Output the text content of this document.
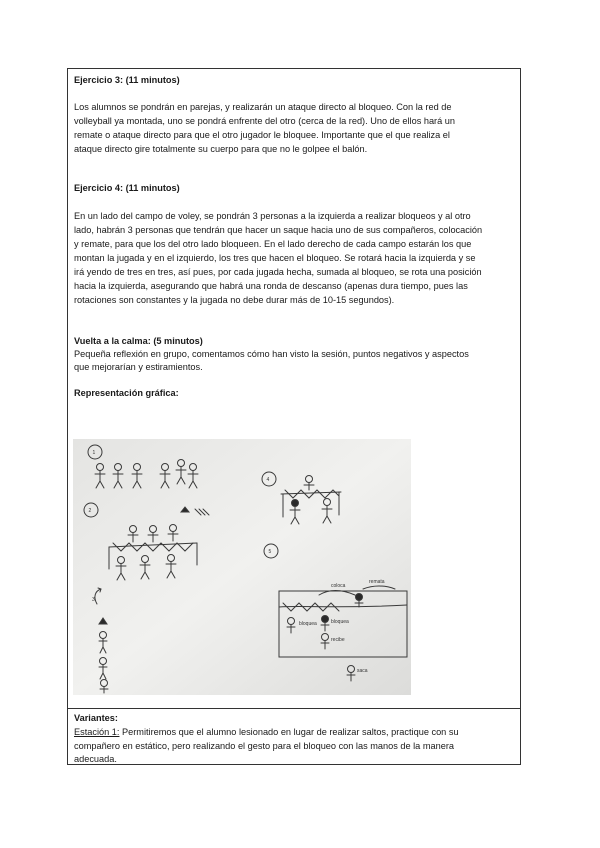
Ejercicio 3: (11 minutos)
Los alumnos se pondrán en parejas, y realizarán un ataque directo al bloqueo. Con la red de
volleyball ya montada, uno se pondrá enfrente del otro (cerca de la red). Uno de ellos hará un
remate o ataque directo para que el otro jugador le bloquee. Importante que el que realiza el
ataque directo gire totalmente su cuerpo para que no le golpee el balón.
Ejercicio 4: (11 minutos)
En un lado del campo de voley, se pondrán 3 personas a la izquierda a realizar bloqueos y al otro
lado, habrán 3 personas que tendrán que hacer un saque hacia uno de sus compañeros, colocación
y remate, para que los del otro lado bloqueen. En el lado derecho de cada campo estarán los que
montan la jugada y en el izquierdo, los tres que hacen el bloqueo. Se rotará hacia la izquierda y se
irá yendo de tres en tres, así pues, por cada jugada hecha, sumada al bloqueo, se rota una posición
hacia la izquierda, asegurando que habrá una ronda de descanso (apenas dura tiempo, pues las
rotaciones son constantes y la jugada no debe durar más de 10-15 segundos).
Vuelta a la calma: (5 minutos)
Pequeña reflexión en grupo, comentamos cómo han visto la sesión, puntos negativos y aspectos
que mejorarían y estiramientos.
Representación gráfica:
1
2
3
4
5
coloca
remata
bloquea
bloquea
recibe
saca
Variantes:
Estación 1: Permitiremos que el alumno lesionado en lugar de realizar saltos, practique con su
compañero en estático, pero realizando el gesto para el bloqueo con las manos de la manera
adecuada.
